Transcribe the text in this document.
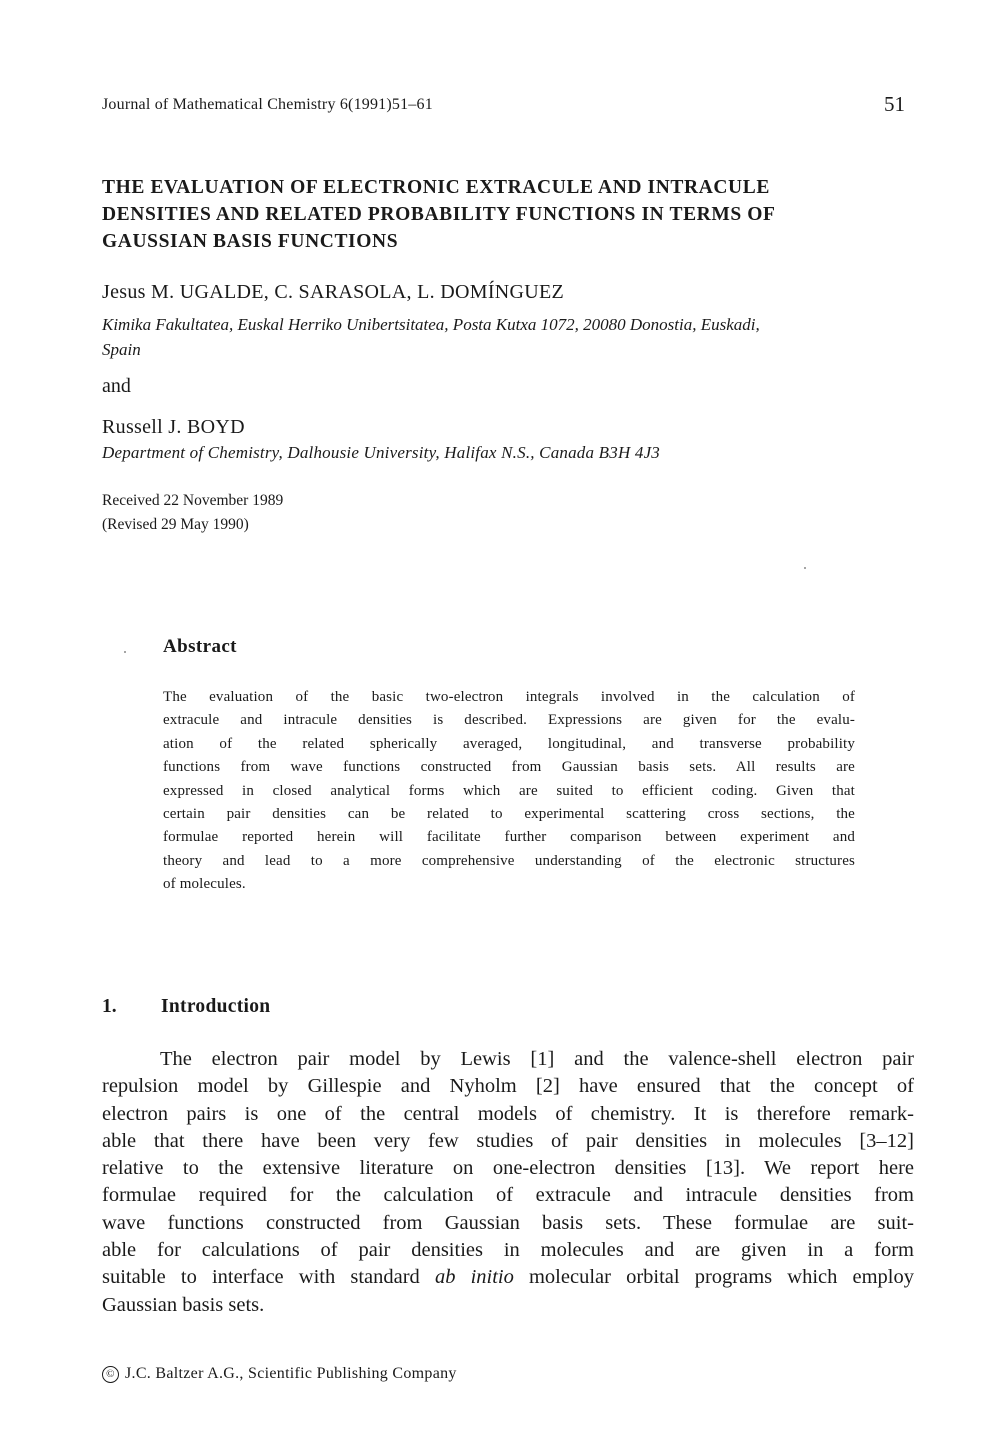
Journal of Mathematical Chemistry 6(1991)51–61	51

THE EVALUATION OF ELECTRONIC EXTRACULE AND INTRACULE
DENSITIES AND RELATED PROBABILITY FUNCTIONS IN TERMS OF
GAUSSIAN BASIS FUNCTIONS

Jesus M. UGALDE, C. SARASOLA, L. DOMÍNGUEZ

Kimika Fakultatea, Euskal Herriko Unibertsitatea, Posta Kutxa 1072, 20080 Donostia, Euskadi,
Spain

and

Russell J. BOYD

Department of Chemistry, Dalhousie University, Halifax N.S., Canada B3H 4J3

Received 22 November 1989

(Revised 29 May 1990)

Abstract

The evaluation of the basic two-electron integrals involved in the calculation of
extracule and intracule densities is described. Expressions are given for the evalu-
ation of the related spherically averaged, longitudinal, and transverse probability
functions from wave functions constructed from Gaussian basis sets. All results are
expressed in closed analytical forms which are suited to efficient coding. Given that
certain pair densities can be related to experimental scattering cross sections, the
formulae reported herein will facilitate further comparison between experiment and
theory and lead to a more comprehensive understanding of the electronic structures
of molecules.

1. Introduction

The electron pair model by Lewis [1] and the valence-shell electron pair
repulsion model by Gillespie and Nyholm [2] have ensured that the concept of
electron pairs is one of the central models of chemistry. It is therefore remark-
able that there have been very few studies of pair densities in molecules [3–12]
relative to the extensive literature on one-electron densities [13]. We report here
formulae required for the calculation of extracule and intracule densities from
wave functions constructed from Gaussian basis sets. These formulae are suit-
able for calculations of pair densities in molecules and are given in a form
suitable to interface with standard ab initio molecular orbital programs which employ
Gaussian basis sets.

© J.C. Baltzer A.G., Scientific Publishing Company
